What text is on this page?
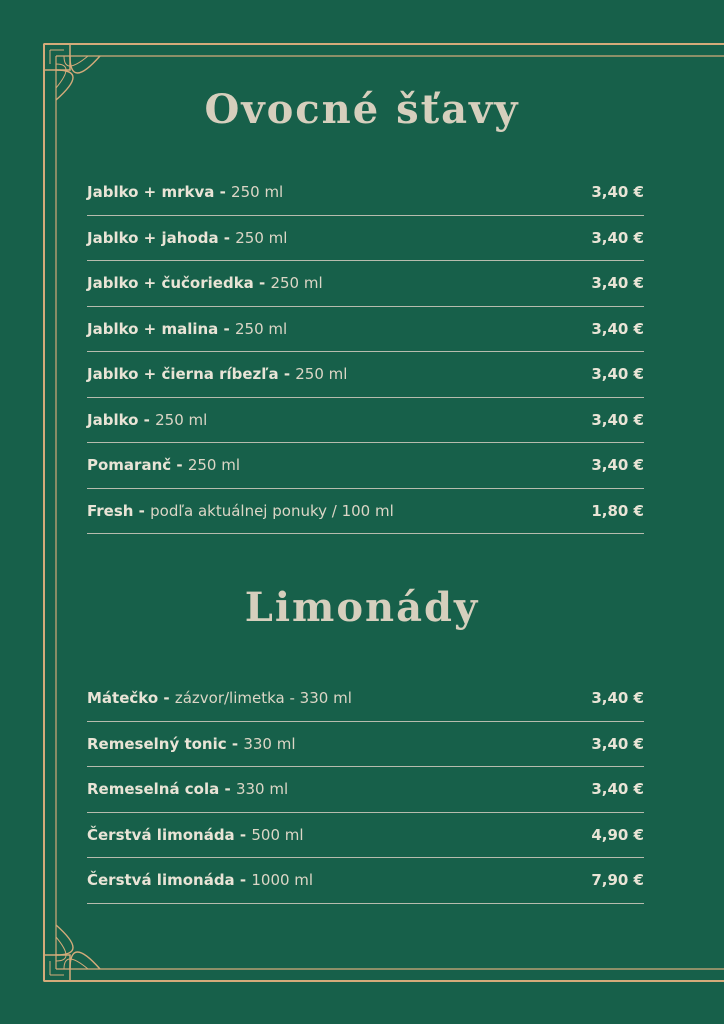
Ovocné šťavy
Jablko + mrkva - 250 ml	3,40 €
Jablko + jahoda - 250 ml	3,40 €
Jablko + čučoriedka - 250 ml	3,40 €
Jablko + malina - 250 ml	3,40 €
Jablko + čierna ríbezľa - 250 ml	3,40 €
Jablko - 250 ml	3,40 €
Pomaranč - 250 ml	3,40 €
Fresh - podľa aktuálnej ponuky / 100 ml	1,80 €
Limonády
Mátečko - zázvor/limetka - 330 ml	3,40 €
Remeselný tonic - 330 ml	3,40 €
Remeselná cola - 330 ml	3,40 €
Čerstvá limonáda - 500 ml	4,90 €
Čerstvá limonáda - 1000 ml	7,90 €
